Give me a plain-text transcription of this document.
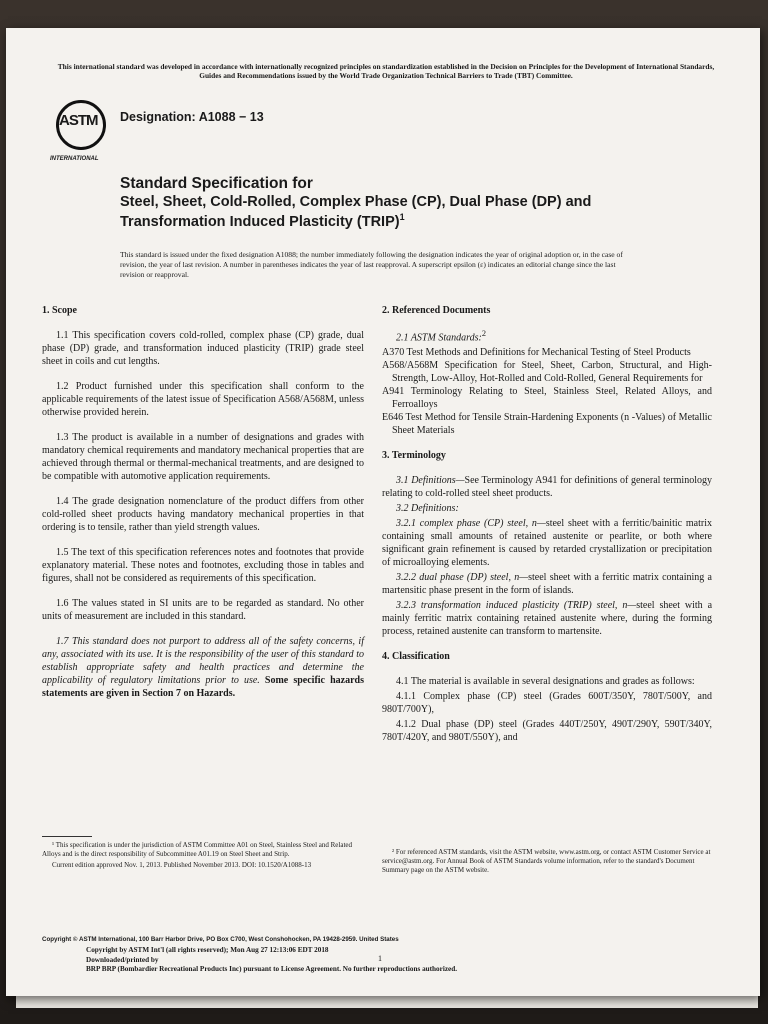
This international standard was developed in accordance with internationally recognized principles on standardization established in the Decision on Principles for the Development of International Standards, Guides and Recommendations issued by the World Trade Organization Technical Barriers to Trade (TBT) Committee.
ASTM
INTERNATIONAL
Designation: A1088 − 13
Standard Specification for
Steel, Sheet, Cold-Rolled, Complex Phase (CP), Dual Phase (DP) and Transformation Induced Plasticity (TRIP)$^1$
This standard is issued under the fixed designation A1088; the number immediately following the designation indicates the year of original adoption or, in the case of revision, the year of last revision. A number in parentheses indicates the year of last reapproval. A superscript epsilon (ε) indicates an editorial change since the last revision or reapproval.
1. Scope

1.1 This specification covers cold-rolled, complex phase (CP) grade, dual phase (DP) grade, and transformation induced plasticity (TRIP) grade steel sheet in coils and cut lengths.

1.2 Product furnished under this specification shall conform to the applicable requirements of the latest issue of Specification A568/A568M, unless otherwise provided herein.

1.3 The product is available in a number of designations and grades with mandatory chemical requirements and mandatory mechanical properties that are achieved through thermal or thermal-mechanical treatments, and are designed to be compatible with automotive application requirements.

1.4 The grade designation nomenclature of the product differs from other cold-rolled sheet products having mandatory mechanical properties in that ordering is to tensile, rather than yield strength values.

1.5 The text of this specification references notes and footnotes that provide explanatory material. These notes and footnotes, excluding those in tables and figures, shall not be considered as requirements of this specification.

1.6 The values stated in SI units are to be regarded as standard. No other units of measurement are included in this standard.

1.7 This standard does not purport to address all of the safety concerns, if any, associated with its use. It is the responsibility of the user of this standard to establish appropriate safety and health practices and determine the applicability of regulatory limitations prior to use. Some specific hazards statements are given in Section 7 on Hazards.

2. Referenced Documents

2.1 ASTM Standards:$^2$

A370 Test Methods and Definitions for Mechanical Testing of Steel Products

A568/A568M Specification for Steel, Sheet, Carbon, Structural, and High-Strength, Low-Alloy, Hot-Rolled and Cold-Rolled, General Requirements for

A941 Terminology Relating to Steel, Stainless Steel, Related Alloys, and Ferroalloys

E646 Test Method for Tensile Strain-Hardening Exponents (n -Values) of Metallic Sheet Materials

3. Terminology

3.1 Definitions—See Terminology A941 for definitions of general terminology relating to cold-rolled steel sheet products.

3.2 Definitions:

3.2.1 complex phase (CP) steel, n—steel sheet with a ferritic/bainitic matrix containing small amounts of retained austenite or pearlite, or both where significant grain refinement is caused by retarded crystallization or precipitation of microalloying elements.

3.2.2 dual phase (DP) steel, n—steel sheet with a ferritic matrix containing a martensitic phase present in the form of islands.

3.2.3 transformation induced plasticity (TRIP) steel, n—steel sheet with a mainly ferritic matrix containing retained austenite where, during the forming process, retained austenite can transform to martensite.

4. Classification

4.1 The material is available in several designations and grades as follows:

4.1.1 Complex phase (CP) steel (Grades 600T/350Y, 780T/500Y, and 980T/700Y),

4.1.2 Dual phase (DP) steel (Grades 440T/250Y, 490T/290Y, 590T/340Y, 780T/420Y, and 980T/550Y), and

¹ This specification is under the jurisdiction of ASTM Committee A01 on Steel, Stainless Steel and Related Alloys and is the direct responsibility of Subcommittee A01.19 on Steel Sheet and Strip.

Current edition approved Nov. 1, 2013. Published November 2013. DOI: 10.1520/A1088-13

² For referenced ASTM standards, visit the ASTM website, www.astm.org, or contact ASTM Customer Service at service@astm.org. For Annual Book of ASTM Standards volume information, refer to the standard's Document Summary page on the ASTM website.

Copyright © ASTM International, 100 Barr Harbor Drive, PO Box C700, West Conshohocken, PA 19428-2959. United States
Copyright by ASTM Int'l (all rights reserved); Mon Aug 27 12:13:06 EDT 2018
Downloaded/printed by
BRP BRP (Bombardier Recreational Products Inc) pursuant to License Agreement. No further reproductions authorized.
1
